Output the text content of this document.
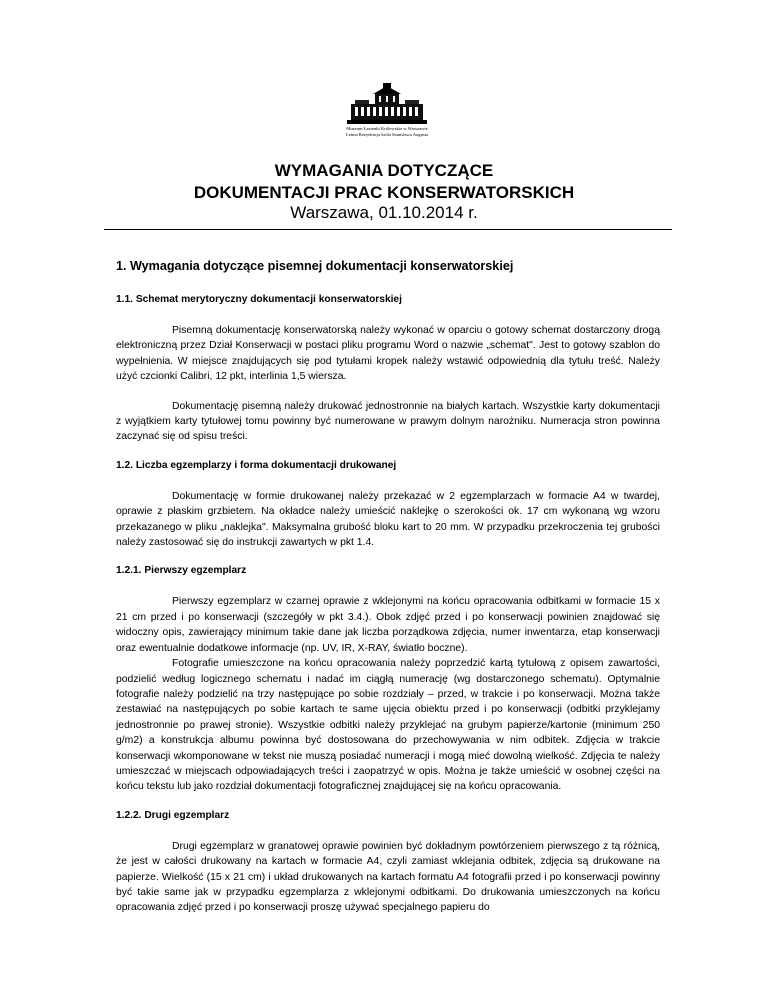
Muzeum Łazienki Królewskie w Warszawie
Letnia Rezydencja króla Stanisława Augusta
WYMAGANIA DOTYCZĄCE
DOKUMENTACJI PRAC KONSERWATORSKICH
Warszawa, 01.10.2014 r.
1. Wymagania dotyczące pisemnej dokumentacji konserwatorskiej
1.1. Schemat merytoryczny dokumentacji konserwatorskiej

Pisemną dokumentację konserwatorską należy wykonać w oparciu o gotowy schemat dostarczony drogą elektroniczną przez Dział Konserwacji w postaci pliku programu Word o nazwie „schemat". Jest to gotowy szablon do wypełnienia. W miejsce znajdujących się pod tytułami kropek należy wstawić odpowiednią dla tytułu treść. Należy użyć czcionki Calibri, 12 pkt, interlinia 1,5 wiersza.

Dokumentację pisemną należy drukować jednostronnie na białych kartach. Wszystkie karty dokumentacji z wyjątkiem karty tytułowej tomu powinny być numerowane w prawym dolnym narożniku. Numeracja stron powinna zaczynać się od spisu treści.

1.2. Liczba egzemplarzy i forma dokumentacji drukowanej

Dokumentację w formie drukowanej należy przekazać w 2 egzemplarzach w formacie A4 w twardej, oprawie z płaskim grzbietem. Na okładce należy umieścić naklejkę o szerokości ok. 17 cm wykonaną wg wzoru przekazanego w pliku „naklejka". Maksymalna grubość bloku kart to 20 mm. W przypadku przekroczenia tej grubości należy zastosować się do instrukcji zawartych w pkt 1.4.

1.2.1. Pierwszy egzemplarz

Pierwszy egzemplarz w czarnej oprawie z wklejonymi na końcu opracowania odbitkami w formacie 15 x 21 cm przed i po konserwacji (szczegóły w pkt 3.4.). Obok zdjęć przed i po konserwacji powinien znajdować się widoczny opis, zawierający minimum takie dane jak liczba porządkowa zdjęcia, numer inwentarza, etap konserwacji oraz ewentualnie dodatkowe informacje (np. UV, IR, X-RAY, światło boczne).

Fotografie umieszczone na końcu opracowania należy poprzedzić kartą tytułową z opisem zawartości, podzielić według logicznego schematu i nadać im ciągłą numerację (wg dostarczonego schematu). Optymalnie fotografie należy podzielić na trzy następujące po sobie rozdziały – przed, w trakcie i po konserwacji. Można także zestawiać na następujących po sobie kartach te same ujęcia obiektu przed i po konserwacji (odbitki przyklejamy jednostronnie po prawej stronie). Wszystkie odbitki należy przyklejać na grubym papierze/kartonie (minimum 250 g/m2) a konstrukcja albumu powinna być dostosowana do przechowywania w nim odbitek. Zdjęcia w trakcie konserwacji wkomponowane w tekst nie muszą posiadać numeracji i mogą mieć dowolną wielkość. Zdjęcia te należy umieszczać w miejscach odpowiadających treści i zaopatrzyć w opis. Można je także umieścić w osobnej części na końcu tekstu lub jako rozdział dokumentacji fotograficznej znajdującej się na końcu opracowania.

1.2.2. Drugi egzemplarz

Drugi egzemplarz w granatowej oprawie powinien być dokładnym powtórzeniem pierwszego z tą różnicą, że jest w całości drukowany na kartach w formacie A4, czyli zamiast wklejania odbitek, zdjęcia są drukowane na papierze. Wielkość (15 x 21 cm) i układ drukowanych na kartach formatu A4 fotografii przed i po konserwacji powinny być takie same jak w przypadku egzemplarza z wklejonymi odbitkami. Do drukowania umieszczonych na końcu opracowania zdjęć przed i po konserwacji proszę używać specjalnego papieru do
